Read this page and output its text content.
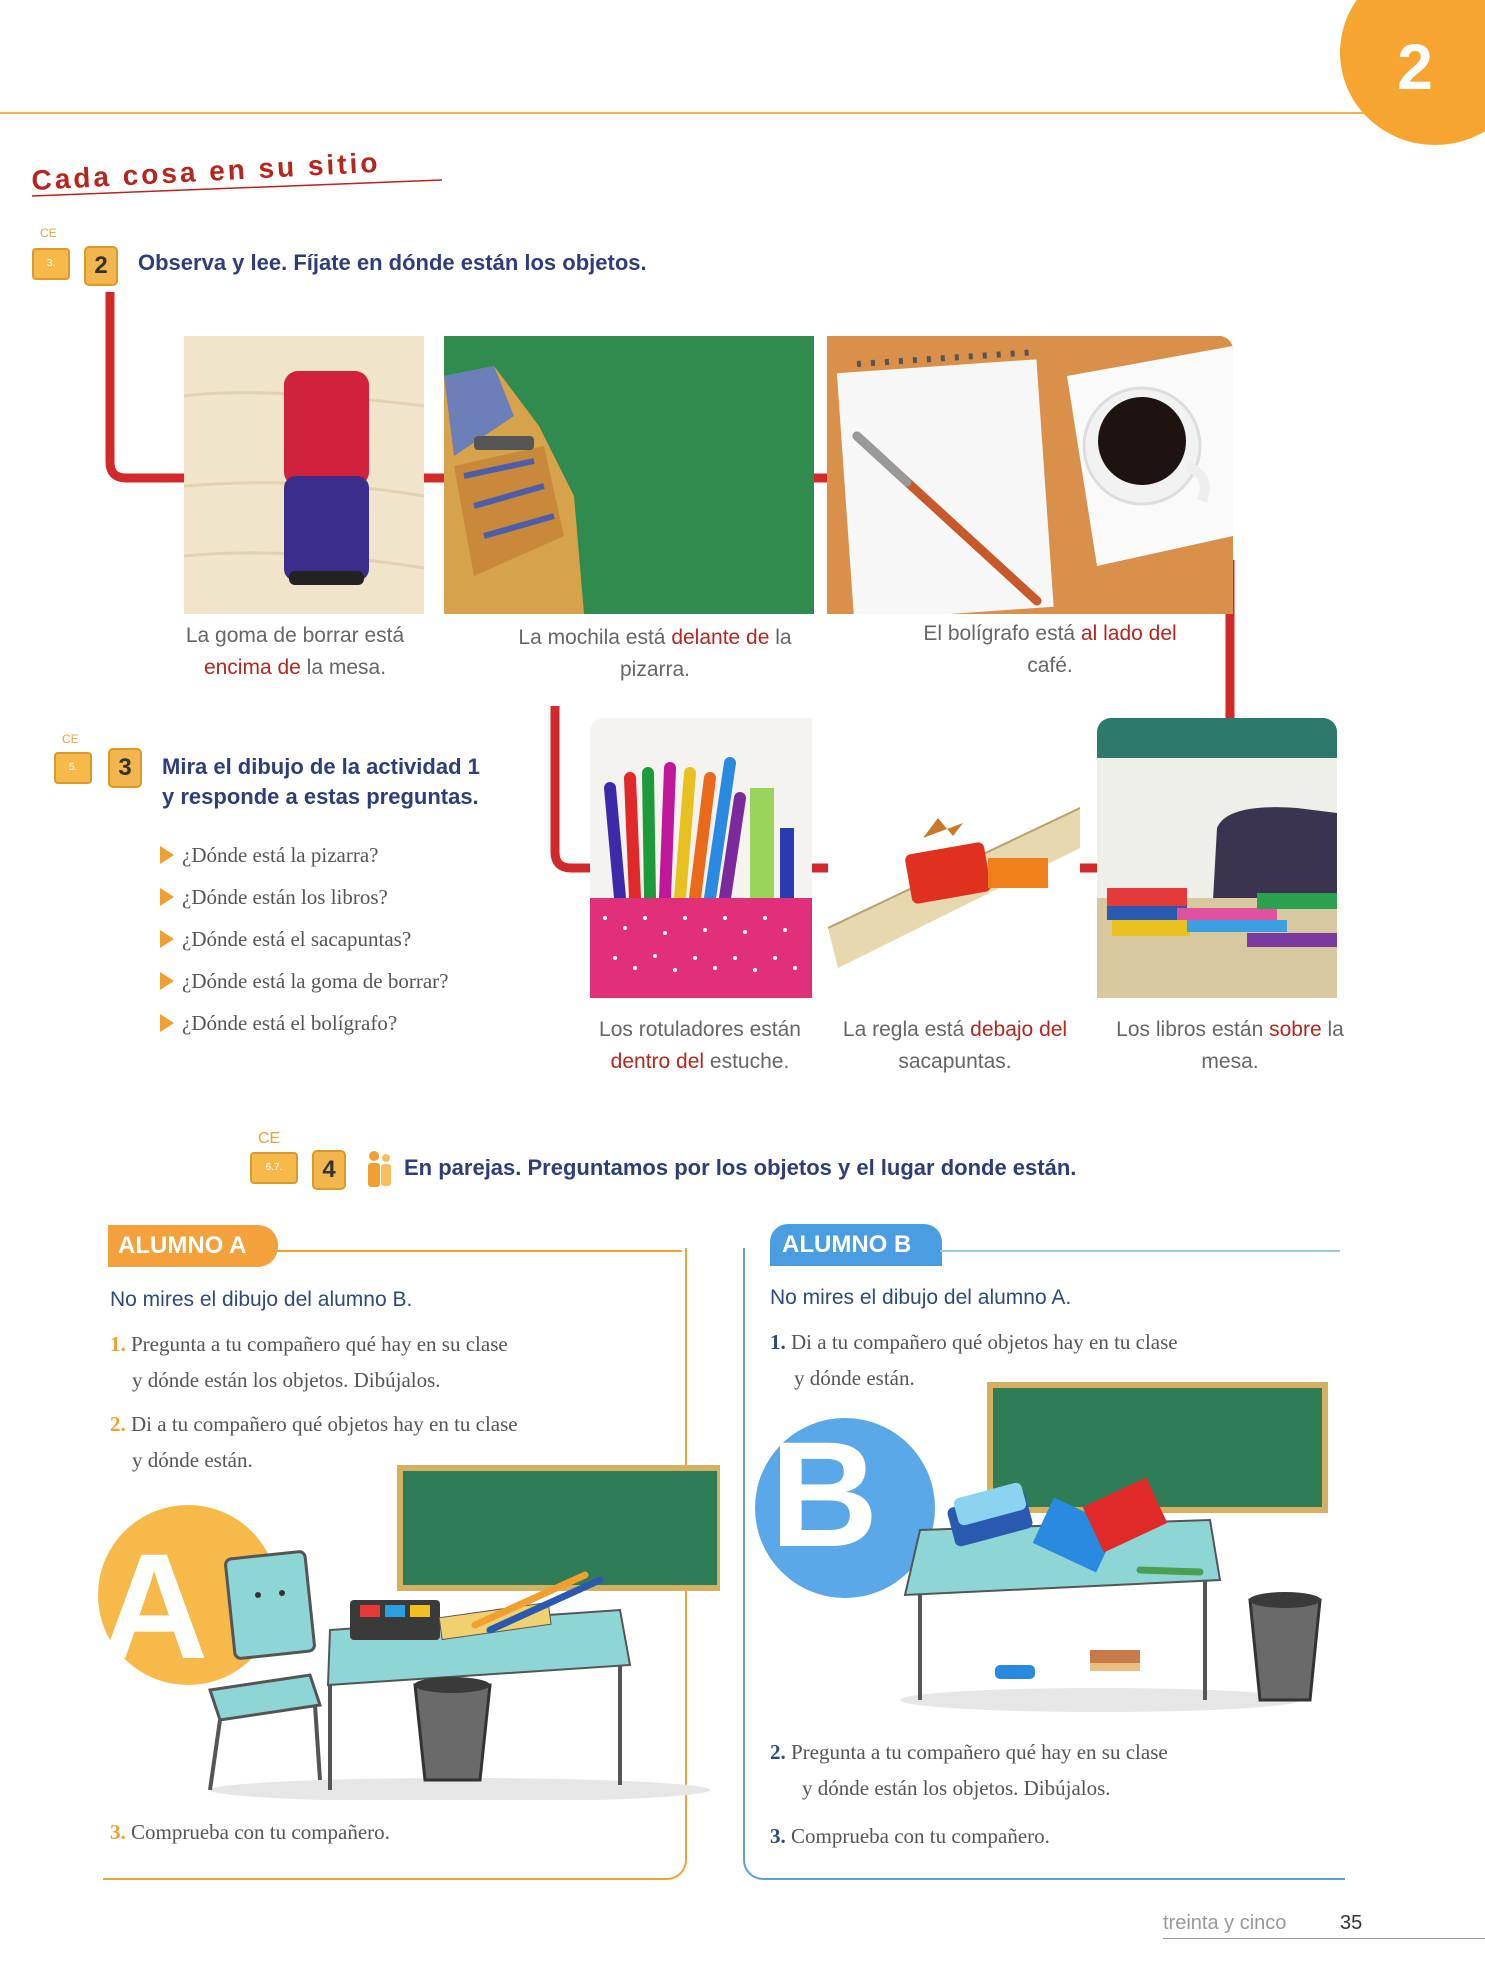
2
Cada cosa en su sitio
CE
3.	2	Observa y lee. Fíjate en dónde están los objetos.
La goma de borrar está encima de la mesa.
La mochila está delante de la pizarra.
El bolígrafo está al lado del café.
Los rotuladores están dentro del estuche.
La regla está debajo del sacapuntas.
Los libros están sobre la mesa.
CE
5.	3	Mira el dibujo de la actividad 1
y responde a estas preguntas.
¿Dónde está la pizarra?
¿Dónde están los libros?
¿Dónde está el sacapuntas?
¿Dónde está la goma de borrar?
¿Dónde está el bolígrafo?
CE
6.7.	4	En parejas. Preguntamos por los objetos y el lugar donde están.
ALUMNO A
No mires el dibujo del alumno B.
1. Pregunta a tu compañero qué hay en su clase
y dónde están los objetos. Dibújalos.
2. Di a tu compañero qué objetos hay en tu clase
y dónde están.
A
3. Comprueba con tu compañero.
ALUMNO B
No mires el dibujo del alumno A.
1. Di a tu compañero qué objetos hay en tu clase
y dónde están.
B
2. Pregunta a tu compañero qué hay en su clase
y dónde están los objetos. Dibújalos.
3. Comprueba con tu compañero.
treinta y cinco	35
